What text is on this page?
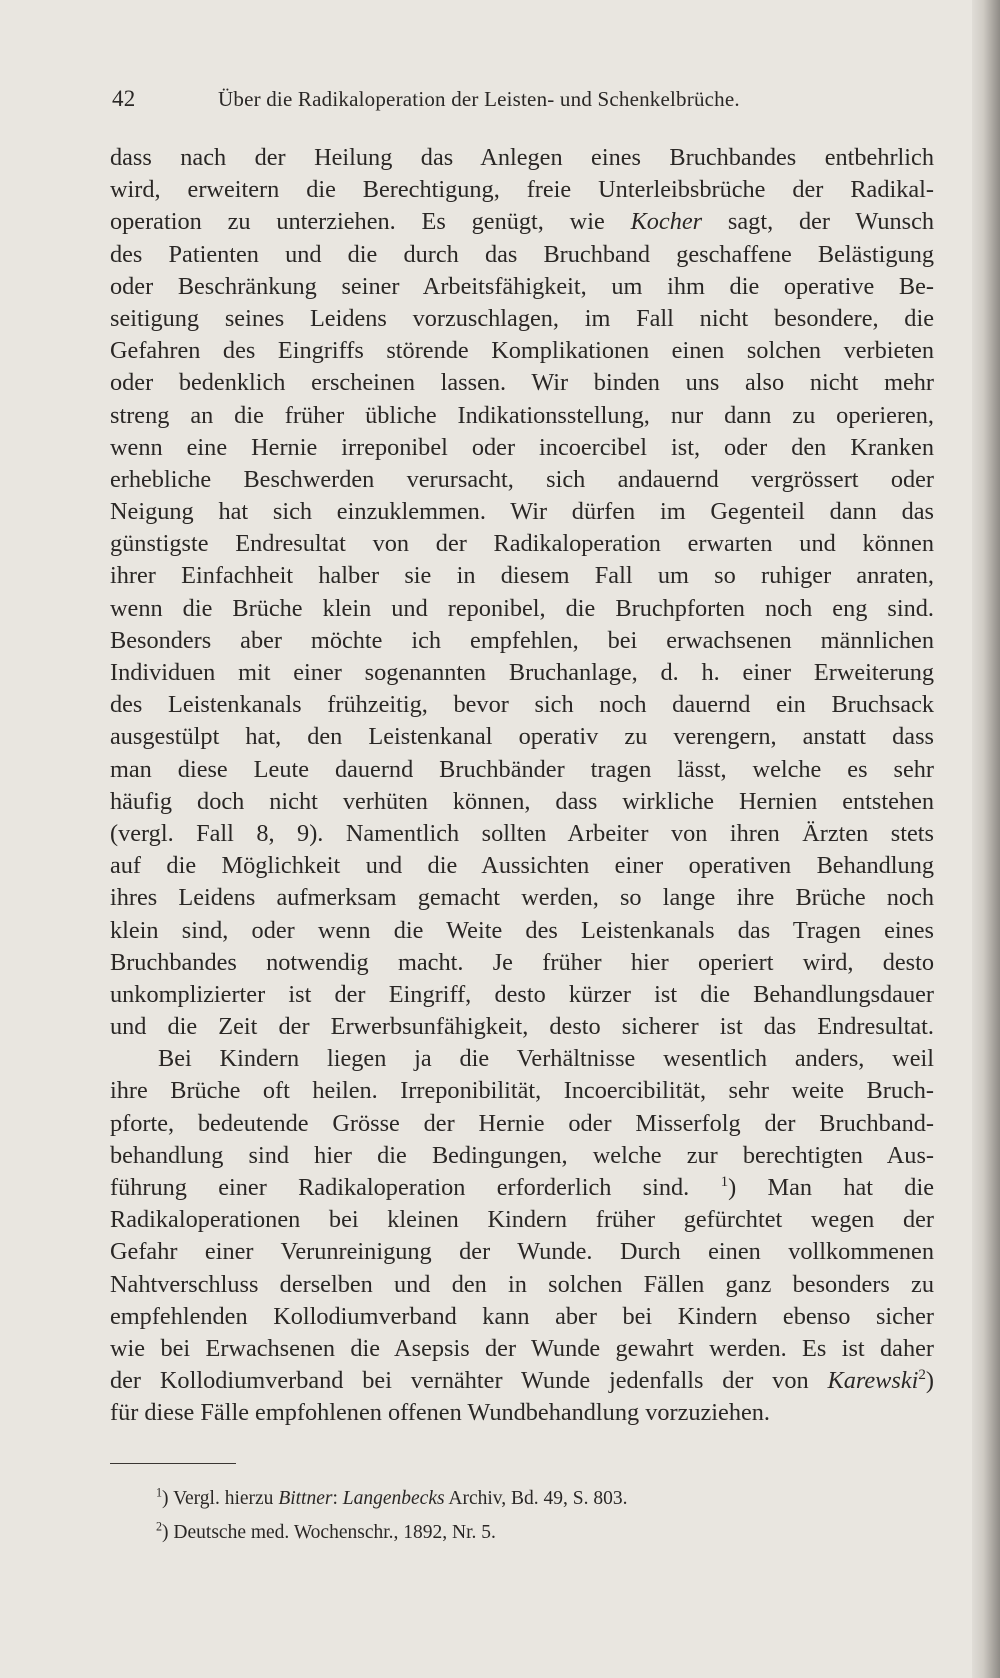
42	Über die Radikaloperation der Leisten- und Schenkelbrüche.
dass nach der Heilung das Anlegen eines Bruchbandes entbehrlich
wird, erweitern die Berechtigung, freie Unterleibsbrüche der Radikal-
operation zu unterziehen. Es genügt, wie Kocher sagt, der Wunsch
des Patienten und die durch das Bruchband geschaffene Belästigung
oder Beschränkung seiner Arbeitsfähigkeit, um ihm die operative Be-
seitigung seines Leidens vorzuschlagen, im Fall nicht besondere, die
Gefahren des Eingriffs störende Komplikationen einen solchen verbieten
oder bedenklich erscheinen lassen. Wir binden uns also nicht mehr
streng an die früher übliche Indikationsstellung, nur dann zu operieren,
wenn eine Hernie irreponibel oder incoercibel ist, oder den Kranken
erhebliche Beschwerden verursacht, sich andauernd vergrössert oder
Neigung hat sich einzuklemmen. Wir dürfen im Gegenteil dann das
günstigste Endresultat von der Radikaloperation erwarten und können
ihrer Einfachheit halber sie in diesem Fall um so ruhiger anraten,
wenn die Brüche klein und reponibel, die Bruchpforten noch eng sind.
Besonders aber möchte ich empfehlen, bei erwachsenen männlichen
Individuen mit einer sogenannten Bruchanlage, d. h. einer Erweiterung
des Leistenkanals frühzeitig, bevor sich noch dauernd ein Bruchsack
ausgestülpt hat, den Leistenkanal operativ zu verengern, anstatt dass
man diese Leute dauernd Bruchbänder tragen lässt, welche es sehr
häufig doch nicht verhüten können, dass wirkliche Hernien entstehen
(vergl. Fall 8, 9). Namentlich sollten Arbeiter von ihren Ärzten stets
auf die Möglichkeit und die Aussichten einer operativen Behandlung
ihres Leidens aufmerksam gemacht werden, so lange ihre Brüche noch
klein sind, oder wenn die Weite des Leistenkanals das Tragen eines
Bruchbandes notwendig macht. Je früher hier operiert wird, desto
unkomplizierter ist der Eingriff, desto kürzer ist die Behandlungsdauer
und die Zeit der Erwerbsunfähigkeit, desto sicherer ist das Endresultat.
Bei Kindern liegen ja die Verhältnisse wesentlich anders, weil
ihre Brüche oft heilen. Irreponibilität, Incoercibilität, sehr weite Bruch-
pforte, bedeutende Grösse der Hernie oder Misserfolg der Bruchband-
behandlung sind hier die Bedingungen, welche zur berechtigten Aus-
führung einer Radikaloperation erforderlich sind. $^1$) Man hat die
Radikaloperationen bei kleinen Kindern früher gefürchtet wegen der
Gefahr einer Verunreinigung der Wunde. Durch einen vollkommenen
Nahtverschluss derselben und den in solchen Fällen ganz besonders zu
empfehlenden Kollodiumverband kann aber bei Kindern ebenso sicher
wie bei Erwachsenen die Asepsis der Wunde gewahrt werden. Es ist daher
der Kollodiumverband bei vernähter Wunde jedenfalls der von Karewski$^2$)
für diese Fälle empfohlenen offenen Wundbehandlung vorzuziehen.
$^1$) Vergl. hierzu Bittner: Langenbecks Archiv, Bd. 49, S. 803.
$^2$) Deutsche med. Wochenschr., 1892, Nr. 5.
